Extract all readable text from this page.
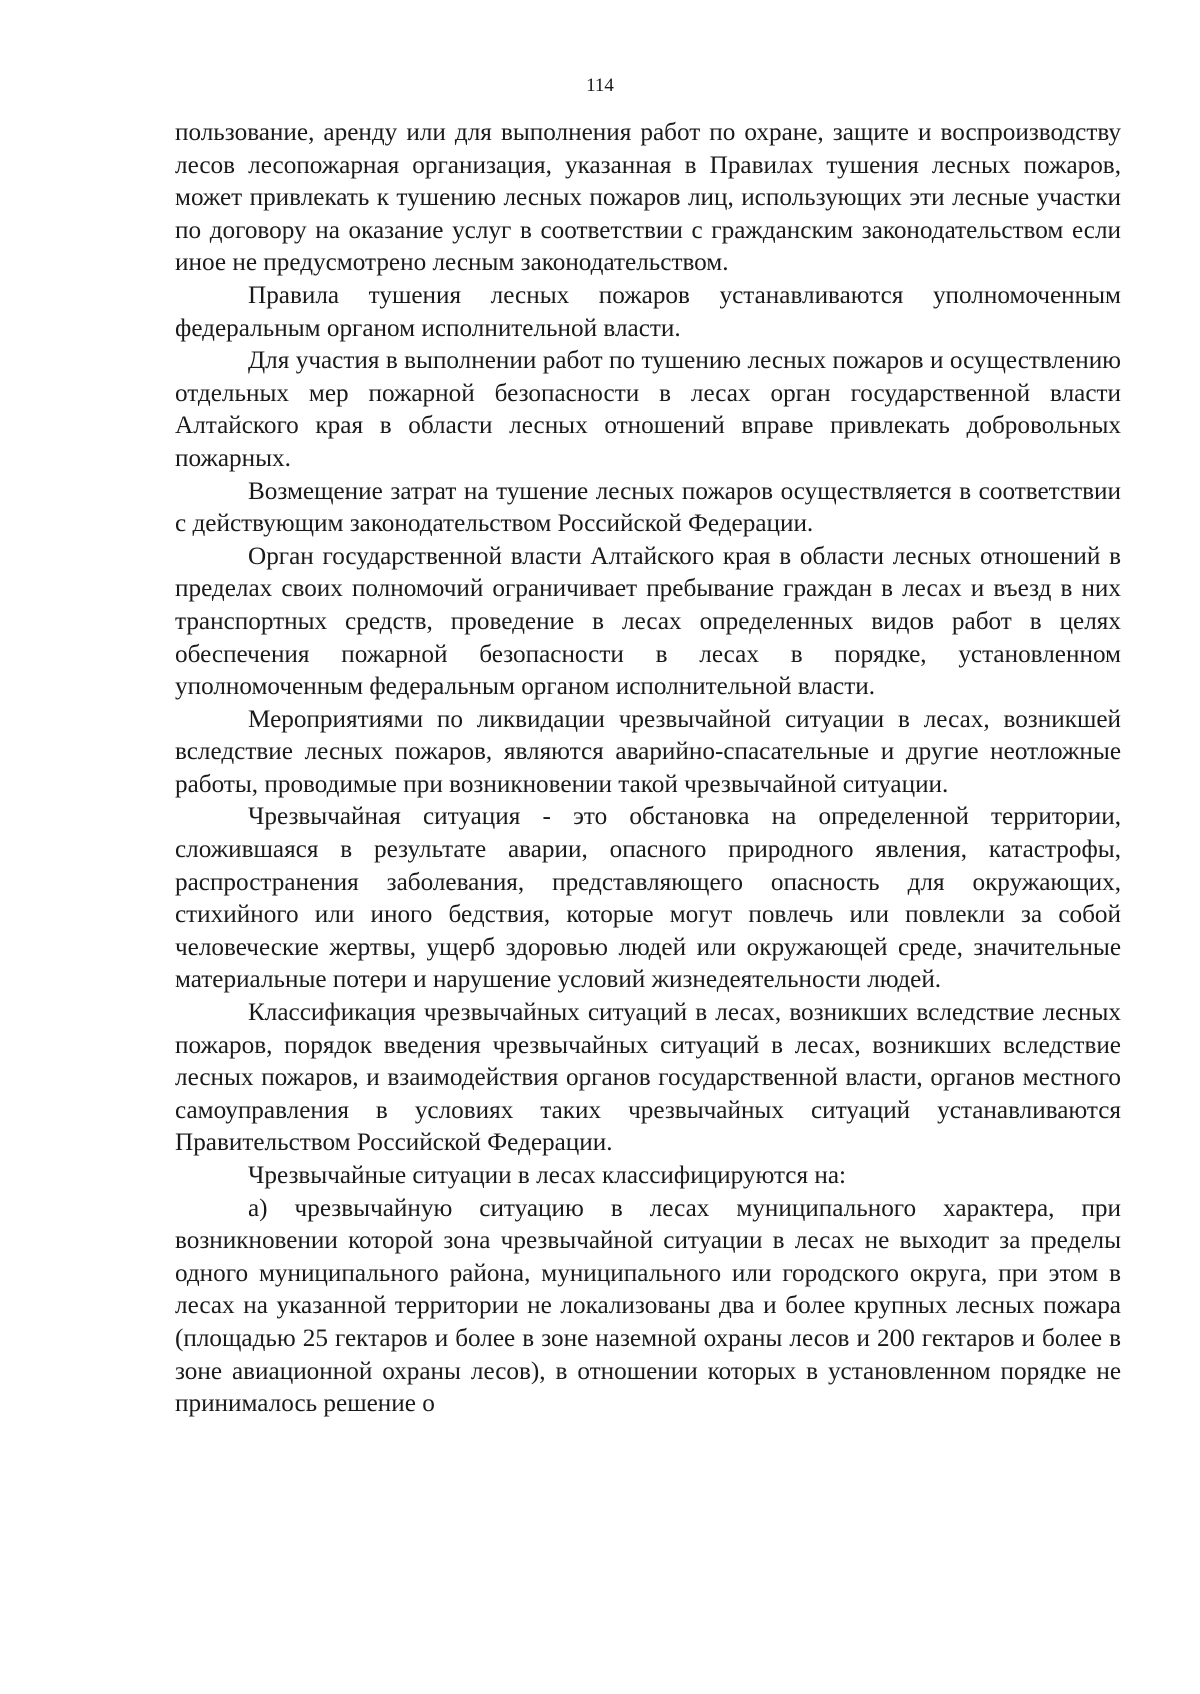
114

пользование, аренду или для выполнения работ по охране, защите и воспроизводству лесов лесопожарная организация, указанная в Правилах тушения лесных пожаров, может привлекать к тушению лесных пожаров лиц, использующих эти лесные участки по договору на оказание услуг в соответствии с гражданским законодательством если иное не предусмотрено лесным законодательством.

Правила тушения лесных пожаров устанавливаются уполномоченным федеральным органом исполнительной власти.

Для участия в выполнении работ по тушению лесных пожаров и осуществлению отдельных мер пожарной безопасности в лесах орган государственной власти Алтайского края в области лесных отношений вправе привлекать добровольных пожарных.

Возмещение затрат на тушение лесных пожаров осуществляется в соответствии с действующим законодательством Российской Федерации.

Орган государственной власти Алтайского края в области лесных отношений в пределах своих полномочий ограничивает пребывание граждан в лесах и въезд в них транспортных средств, проведение в лесах определенных видов работ в целях обеспечения пожарной безопасности в лесах в порядке, установленном уполномоченным федеральным органом исполнительной власти.

Мероприятиями по ликвидации чрезвычайной ситуации в лесах, возникшей вследствие лесных пожаров, являются аварийно-спасательные и другие неотложные работы, проводимые при возникновении такой чрезвычайной ситуации.

Чрезвычайная ситуация - это обстановка на определенной территории, сложившаяся в результате аварии, опасного природного явления, катастрофы, распространения заболевания, представляющего опасность для окружающих, стихийного или иного бедствия, которые могут повлечь или повлекли за собой человеческие жертвы, ущерб здоровью людей или окружающей среде, значительные материальные потери и нарушение условий жизнедеятельности людей.

Классификация чрезвычайных ситуаций в лесах, возникших вследствие лесных пожаров, порядок введения чрезвычайных ситуаций в лесах, возникших вследствие лесных пожаров, и взаимодействия органов государственной власти, органов местного самоуправления в условиях таких чрезвычайных ситуаций устанавливаются Правительством Российской Федерации.

Чрезвычайные ситуации в лесах классифицируются на:

а) чрезвычайную ситуацию в лесах муниципального характера, при возникновении которой зона чрезвычайной ситуации в лесах не выходит за пределы одного муниципального района, муниципального или городского округа, при этом в лесах на указанной территории не локализованы два и более крупных лесных пожара (площадью 25 гектаров и более в зоне наземной охраны лесов и 200 гектаров и более в зоне авиационной охраны лесов), в отношении которых в установленном порядке не принималось решение о
